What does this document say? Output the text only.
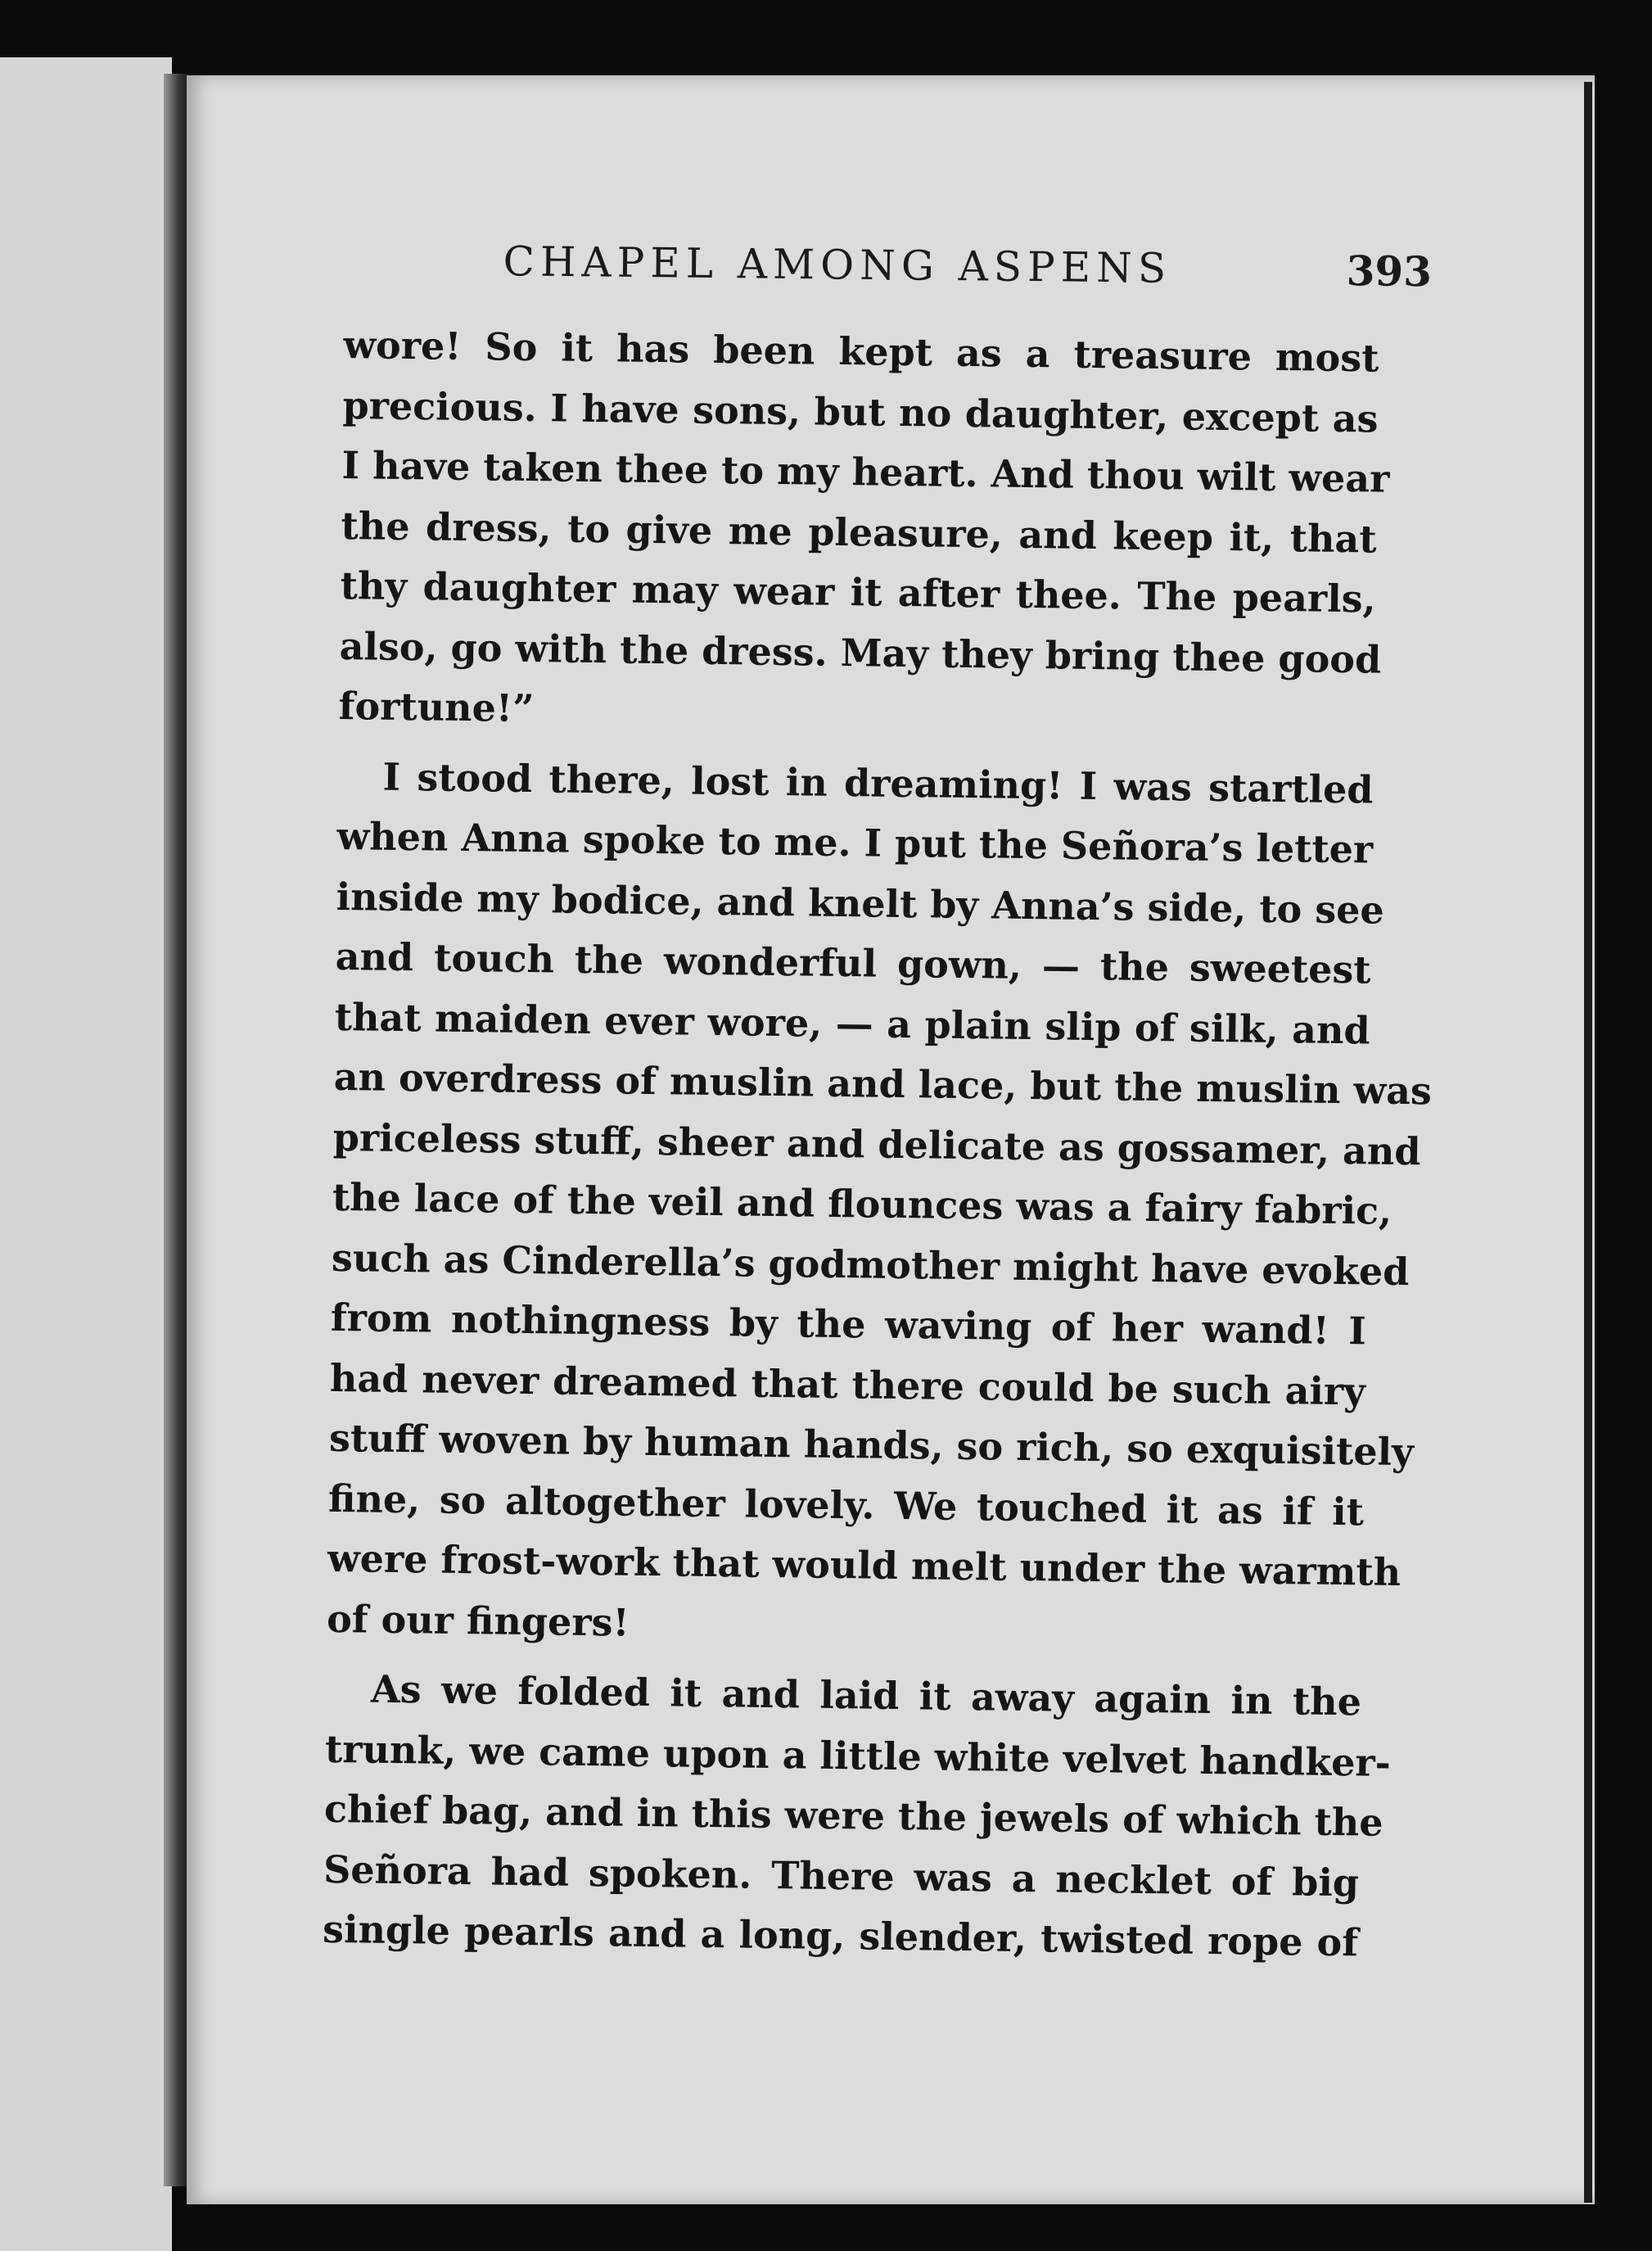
CHAPEL AMONG ASPENS	393
wore! So it has been kept as a treasure most
precious. I have sons, but no daughter, except as
I have taken thee to my heart. And thou wilt wear
the dress, to give me pleasure, and keep it, that
thy daughter may wear it after thee. The pearls,
also, go with the dress. May they bring thee good
fortune!”
I stood there, lost in dreaming! I was startled
when Anna spoke to me. I put the Señora’s letter
inside my bodice, and knelt by Anna’s side, to see
and touch the wonderful gown, — the sweetest
that maiden ever wore, — a plain slip of silk, and
an overdress of muslin and lace, but the muslin was
priceless stuff, sheer and delicate as gossamer, and
the lace of the veil and flounces was a fairy fabric,
such as Cinderella’s godmother might have evoked
from nothingness by the waving of her wand! I
had never dreamed that there could be such airy
stuff woven by human hands, so rich, so exquisitely
fine, so altogether lovely. We touched it as if it
were frost-work that would melt under the warmth
of our fingers!
As we folded it and laid it away again in the
trunk, we came upon a little white velvet handker-
chief bag, and in this were the jewels of which the
Señora had spoken. There was a necklet of big
single pearls and a long, slender, twisted rope of
